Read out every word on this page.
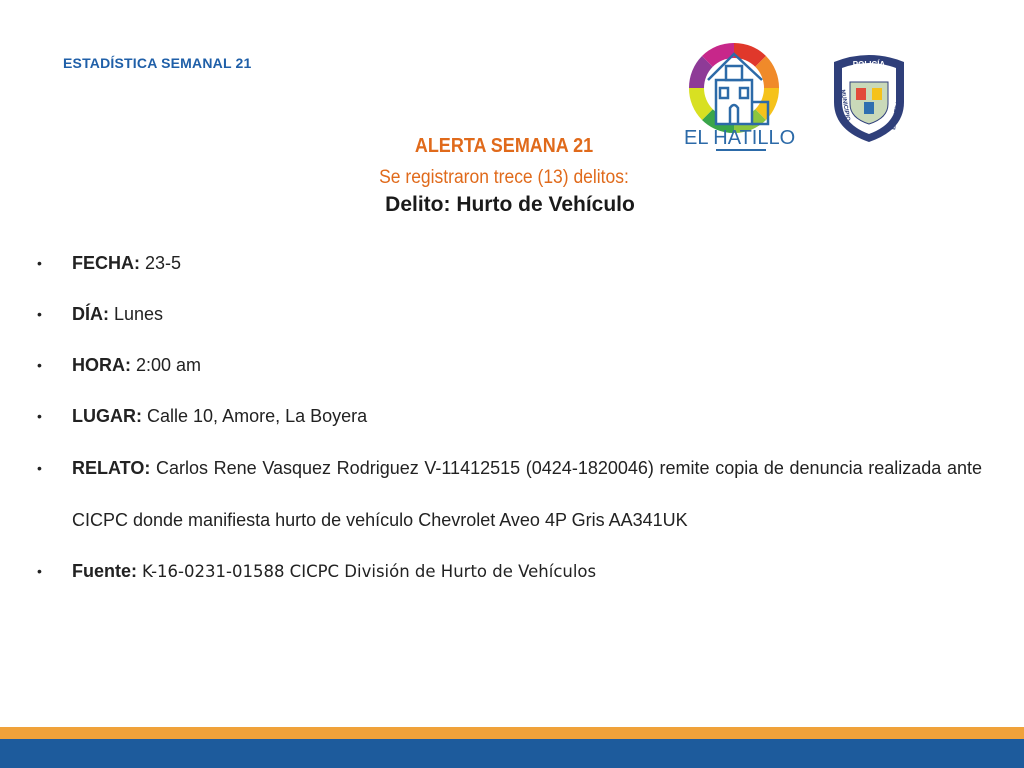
ESTADÍSTICA SEMANAL 21
EL HATILLO
POLICÍA
MUNICIPIO	EL HATILLO
ALERTA SEMANA 21
Se registraron trece (13) delitos:
Delito: Hurto de Vehículo
• FECHA: 23-5
• DÍA: Lunes
• HORA: 2:00 am
• LUGAR: Calle 10, Amore, La Boyera
• RELATO: Carlos Rene Vasquez Rodriguez V-11412515 (0424-1820046) remite copia de denuncia realizada ante CICPC donde manifiesta hurto de vehículo Chevrolet Aveo 4P Gris AA341UK
• Fuente: K-16-0231-01588 CICPC División de Hurto de Vehículos
